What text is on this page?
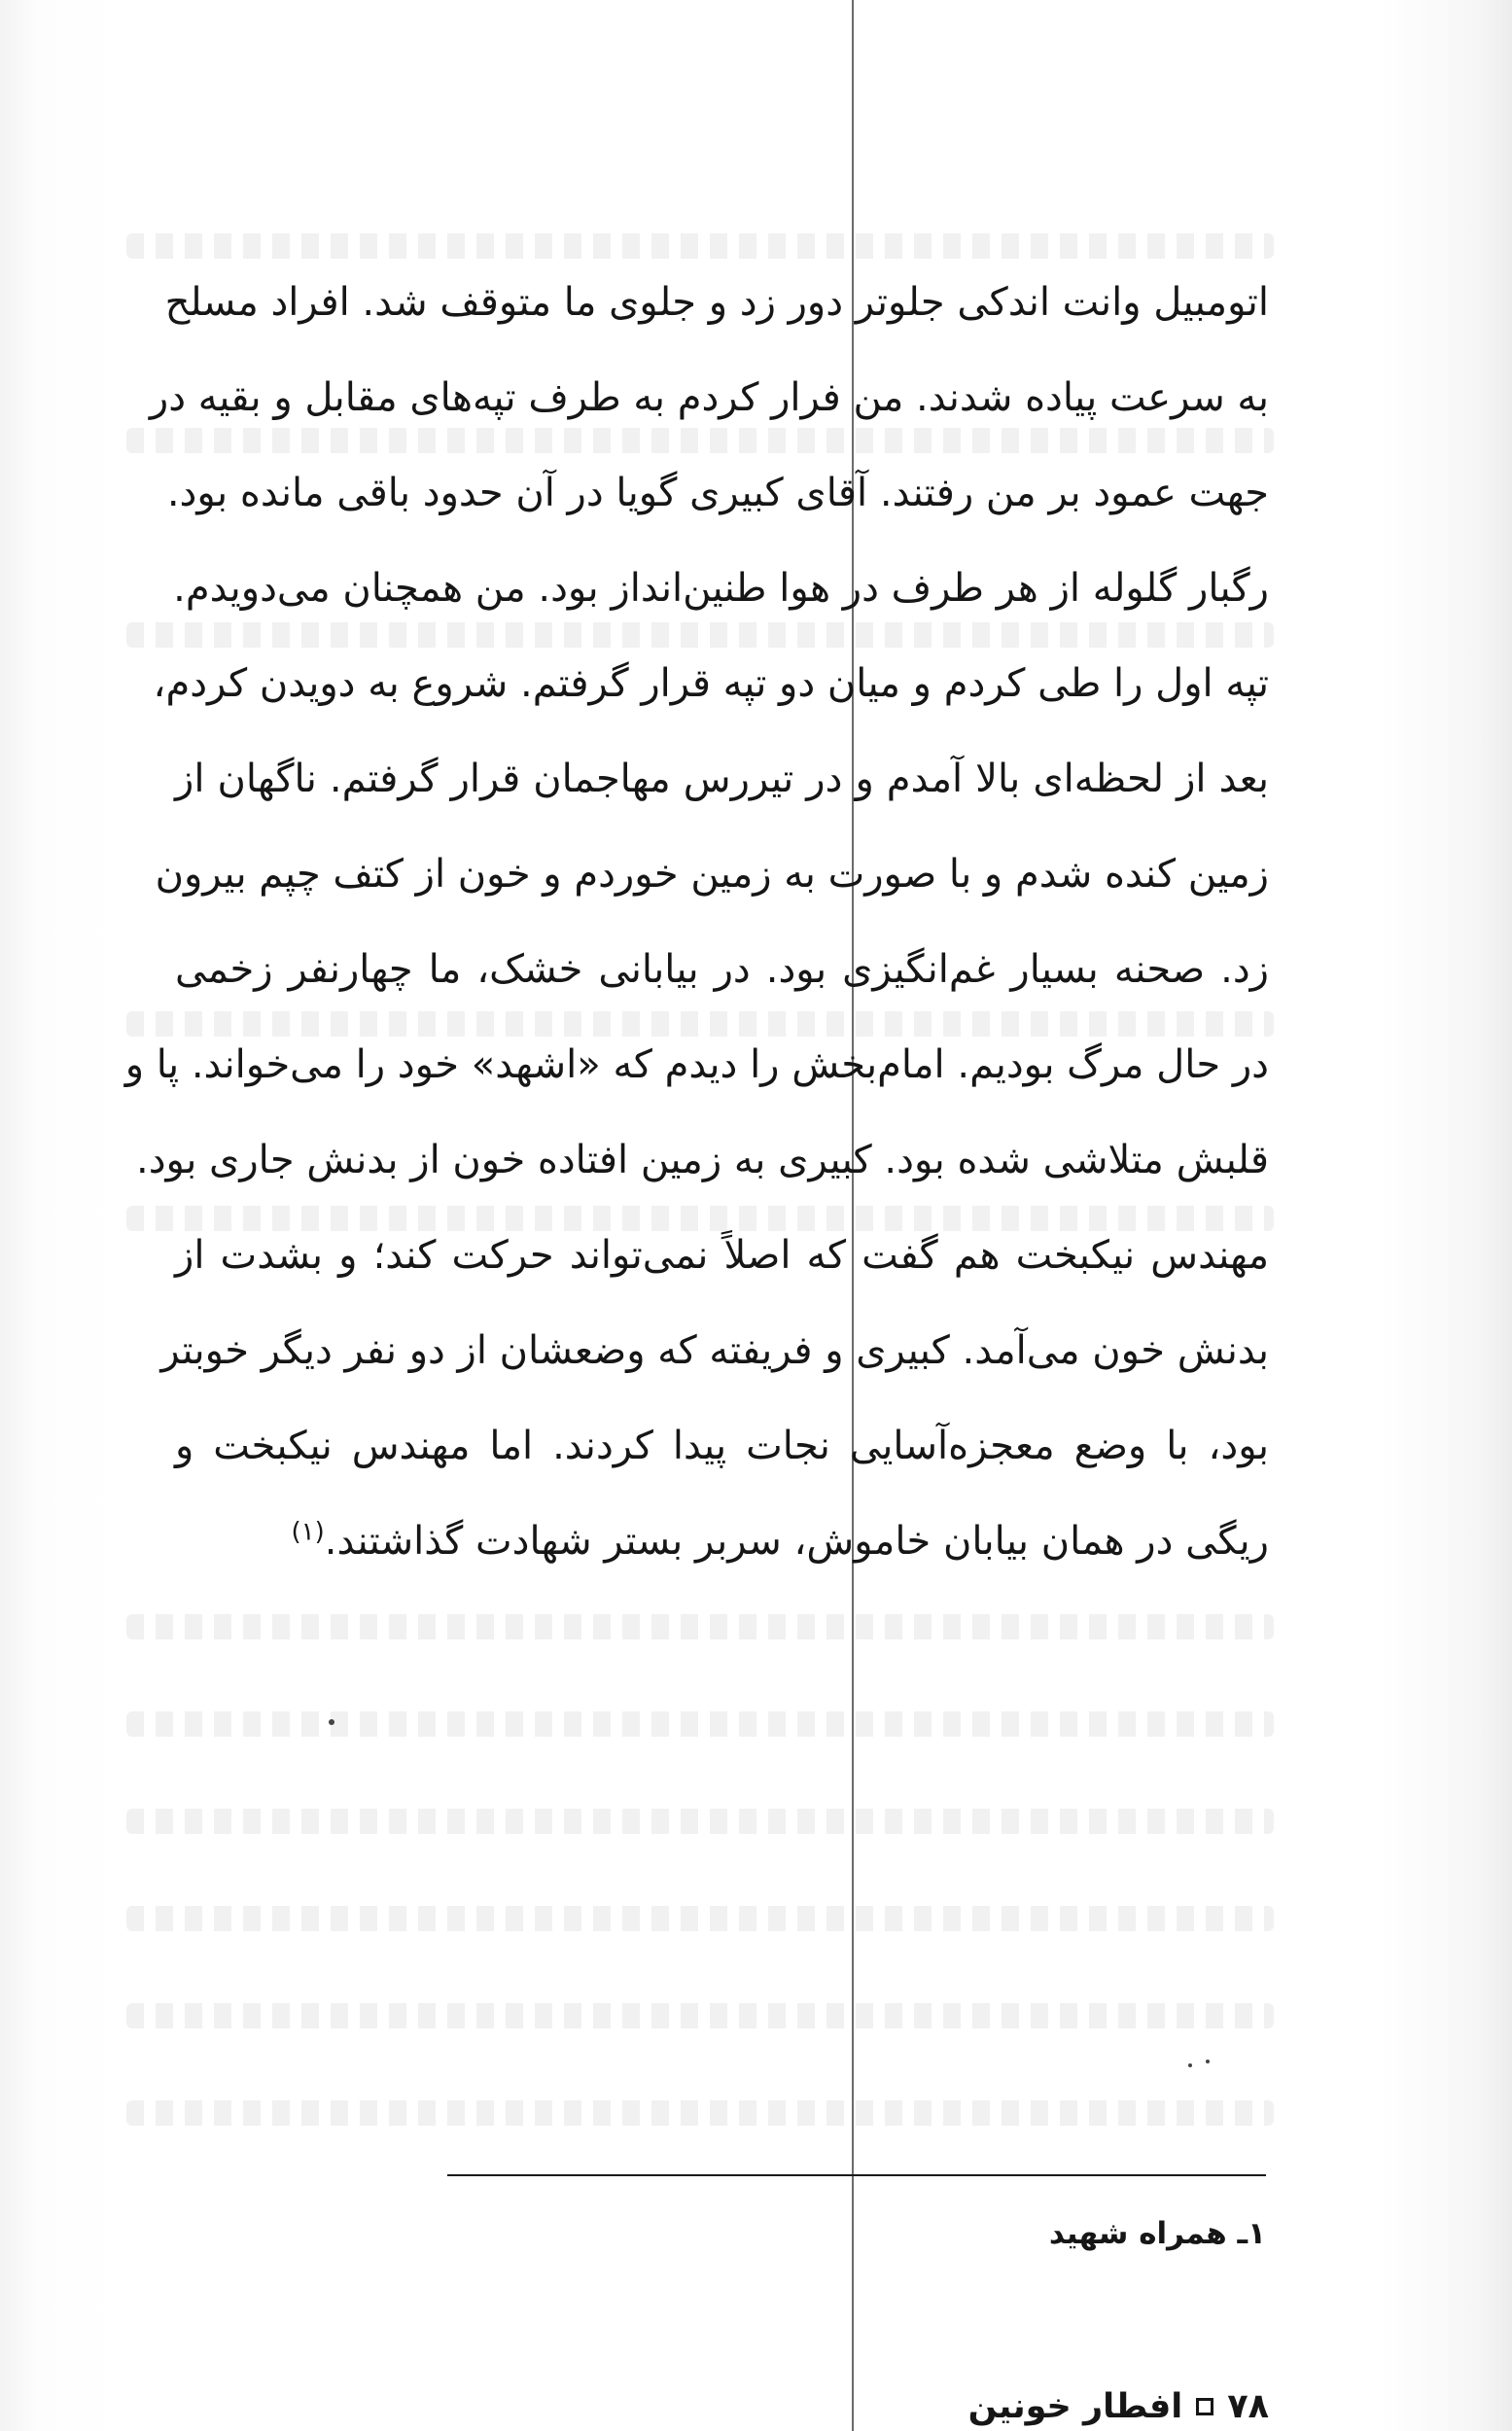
اتومبیل وانت اندکی جلوتر دور زد و جلوی ما متوقف شد. افراد مسلح
به سرعت پیاده شدند. من فرار کردم به طرف تپه‌های مقابل و بقیه در
جهت عمود بر من رفتند. آقای کبیری گویا در آن حدود باقی مانده بود.
رگبار گلوله از هر طرف در هوا طنین‌انداز بود. من همچنان می‌دویدم.
تپه اول را طی کردم و میان دو تپه قرار گرفتم. شروع به دویدن کردم،
بعد از لحظه‌ای بالا آمدم و در تیررس مهاجمان قرار گرفتم. ناگهان از
زمین کنده شدم و با صورت به زمین خوردم و خون از کتف چپم بیرون
زد. صحنه بسیار غم‌انگیزی بود. در بیابانی خشک، ما چهارنفر زخمی
در حال مرگ بودیم. امام‌بخش را دیدم که «اشهد» خود را می‌خواند. پا و
قلبش متلاشی شده بود. کبیری به زمین افتاده خون از بدنش جاری بود.
مهندس نیکبخت هم گفت که اصلاً نمی‌تواند حرکت کند؛ و بشدت از
بدنش خون می‌آمد. کبیری و فریفته که وضعشان از دو نفر دیگر خوبتر
بود، با وضع معجزه‌آسایی نجات پیدا کردند. اما مهندس نیکبخت و
ریگی در همان بیابان خاموش، سربر بستر شهادت گذاشتند.$^{(۱)}$
۱ـ همراه شهید
۷۸
افطار خونین
